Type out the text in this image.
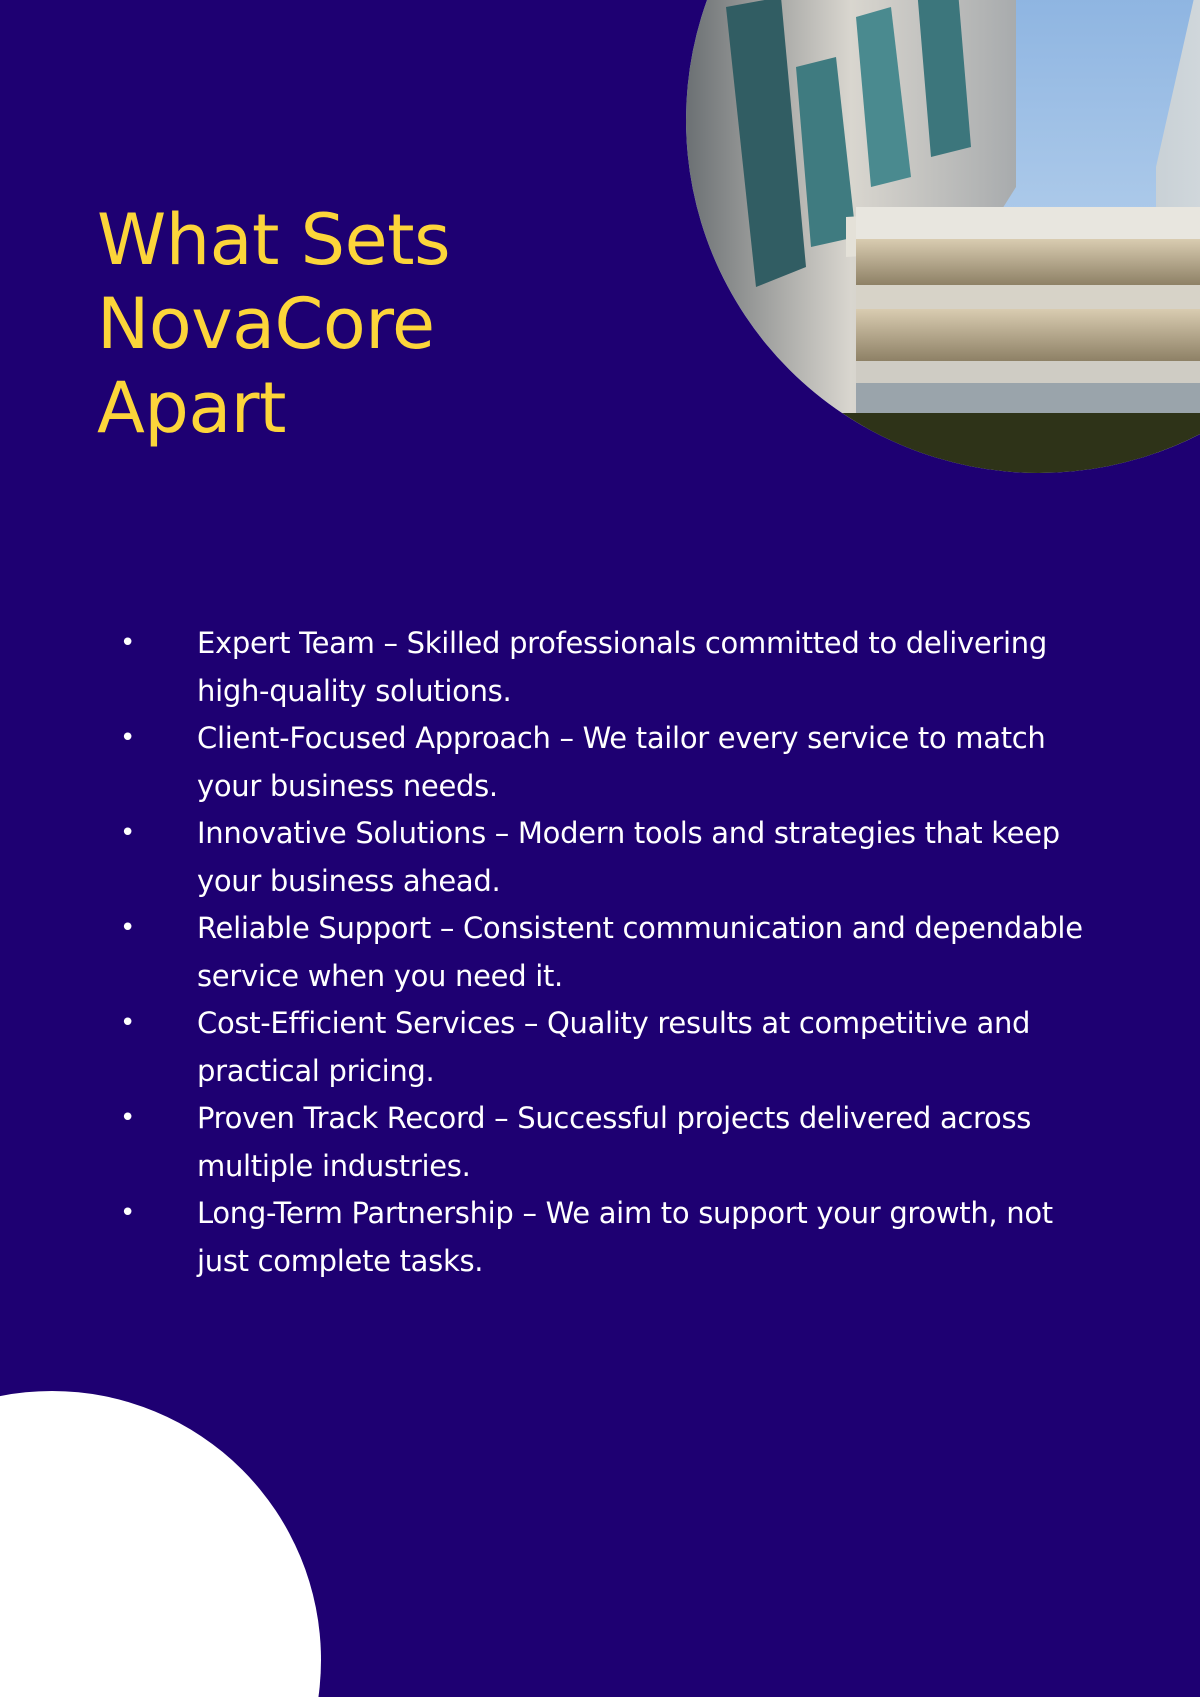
What Sets NovaCore Apart
• Expert Team – Skilled professionals committed to delivering high-quality solutions.
• Client-Focused Approach – We tailor every service to match your business needs.
• Innovative Solutions – Modern tools and strategies that keep your business ahead.
• Reliable Support – Consistent communication and dependable service when you need it.
• Cost-Efficient Services – Quality results at competitive and practical pricing.
• Proven Track Record – Successful projects delivered across multiple industries.
• Long-Term Partnership – We aim to support your growth, not just complete tasks.
